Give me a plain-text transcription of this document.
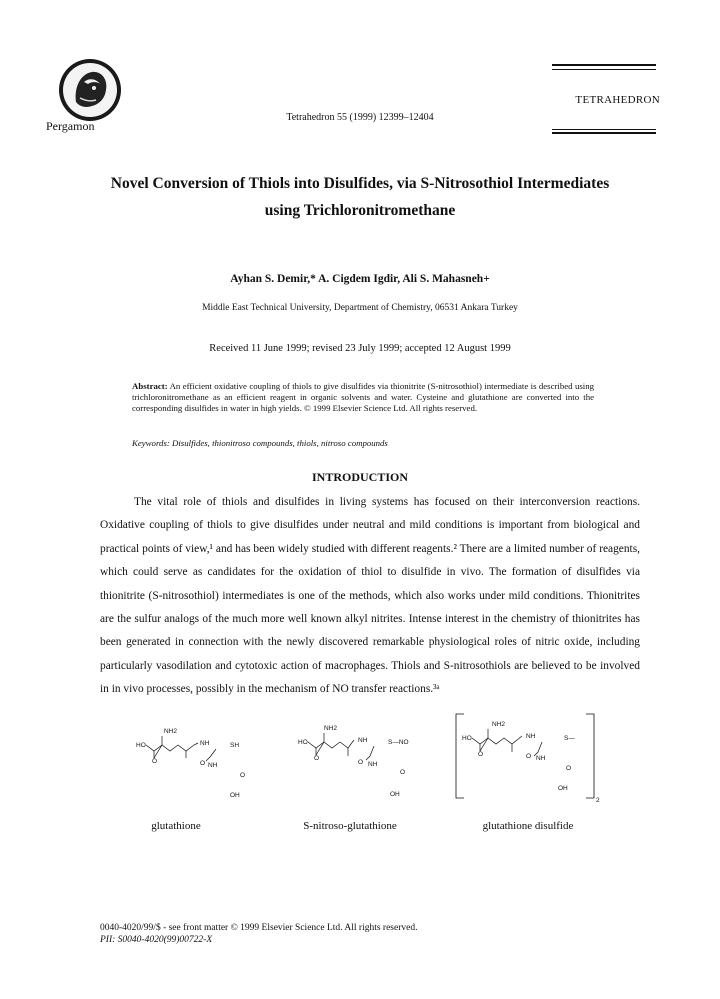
Pergamon
Tetrahedron 55 (1999) 12399–12404
TETRAHEDRON
Novel Conversion of Thiols into Disulfides, via S-Nitrosothiol Intermediates
using Trichloronitromethane
Ayhan S. Demir,* A. Cigdem Igdir, Ali S. Mahasneh+
Middle East Technical University, Department of Chemistry, 06531 Ankara Turkey
Received 11 June 1999; revised 23 July 1999; accepted 12 August 1999
Abstract: An efficient oxidative coupling of thiols to give disulfides via thionitrite (S-nitrosothiol) intermediate is described using trichloronitromethane as an efficient reagent in organic solvents and water. Cysteine and glutathione are converted into the corresponding disulfides in water in high yields. © 1999 Elsevier Science Ltd. All rights reserved.
Keywords: Disulfides, thionitroso compounds, thiols, nitroso compounds
INTRODUCTION

The vital role of thiols and disulfides in living systems has focused on their interconversion reactions. Oxidative coupling of thiols to give disulfides under neutral and mild conditions is important from biological and practical points of view,¹ and has been widely studied with different reagents.² There are a limited number of reagents, which could serve as candidates for the oxidation of thiol to disulfide in vivo. The formation of disulfides via thionitrite (S-nitrosothiol) intermediates is one of the methods, which also works under mild conditions. Thionitrites are the sulfur analogs of the much more well known alkyl nitrites. Intense interest in the chemistry of thionitrites has been generated in connection with the newly discovered remarkable physiological roles of nitric oxide, including particularly vasodilation and cytotoxic action of macrophages. Thiols and S-nitrosothiols are believed to be involved in in vivo processes, possibly in the mechanism of NO transfer reactions.³ᵃ

NH2
HO
O
NH	SH
O NH
O
OH
NH2
HO
O
NH	S—NO
O NH
O
OH
2
NH2
HO
O
NH	S—
O NH
O
OH
glutathione	S-nitroso-glutathione	glutathione disulfide
0040-4020/99/$ - see front matter © 1999 Elsevier Science Ltd. All rights reserved.
PII: S0040-4020(99)00722-X
